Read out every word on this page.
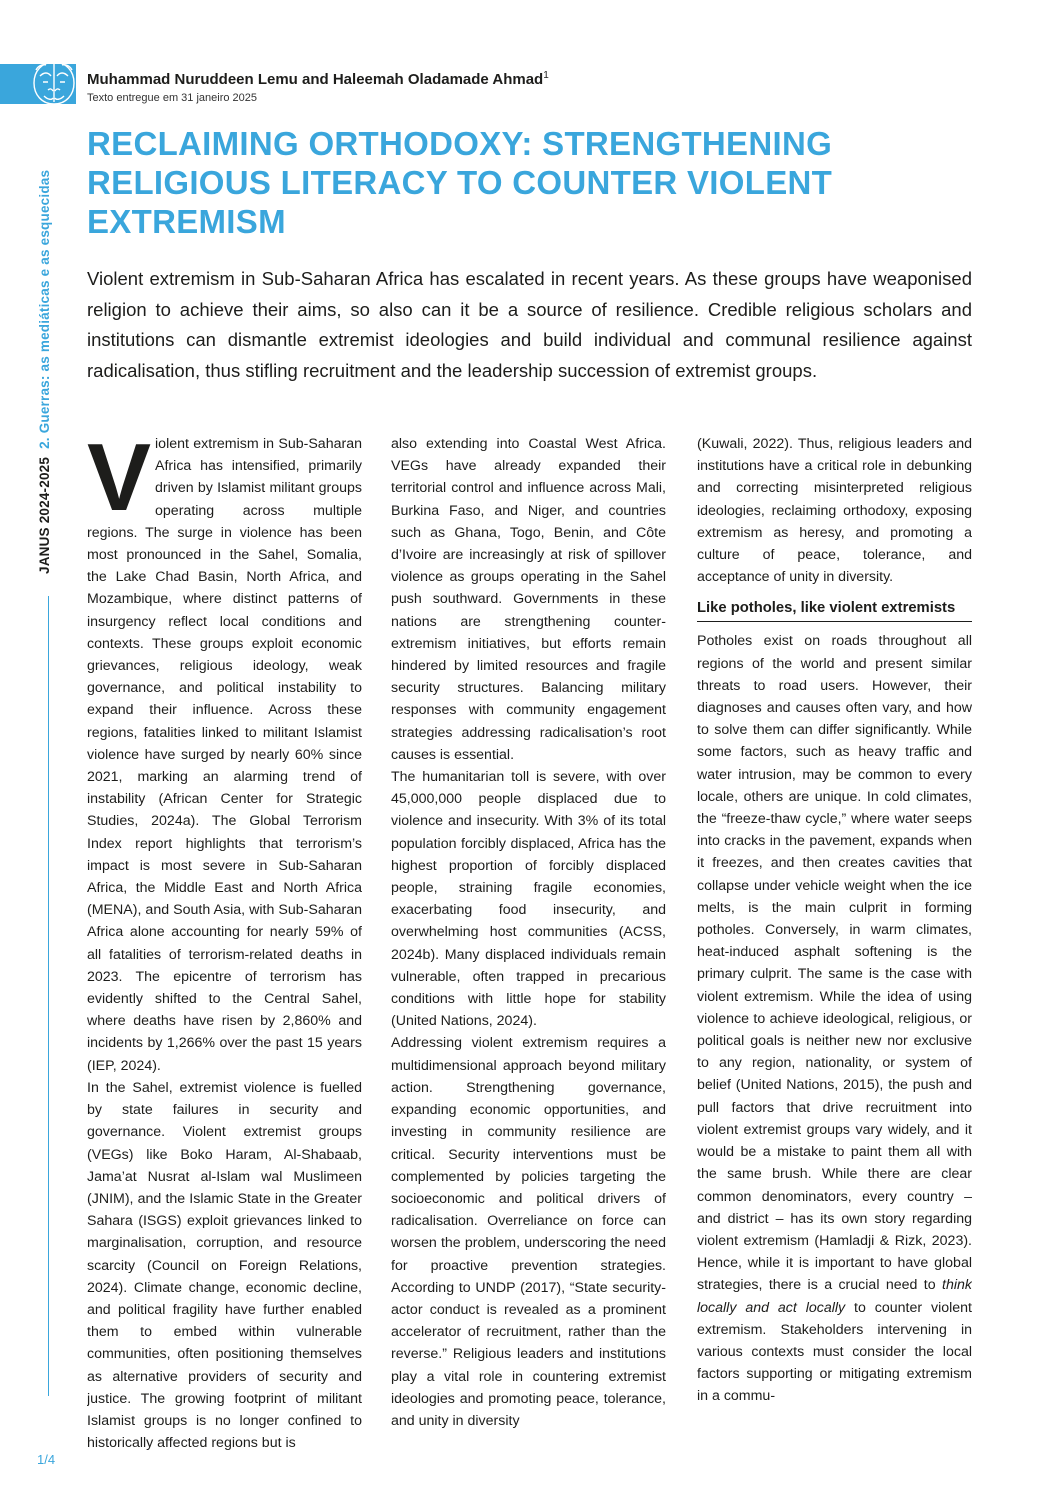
JANUS 2024-20252. Guerras: as mediáticas e as esquecidas
Muhammad Nuruddeen Lemu and Haleemah Oladamade Ahmad$^1$
Texto entregue em 31 janeiro 2025
RECLAIMING ORTHODOXY: STRENGTHENING RELIGIOUS LITERACY TO COUNTER VIOLENT EXTREMISM

Violent extremism in Sub-Saharan Africa has escalated in recent years. As these groups have weaponised religion to achieve their aims, so also can it be a source of resilience. Credible religious scholars and institutions can dismantle extremist ideologies and build individual and communal resilience against radicalisation, thus stifling recruitment and the leadership succession of extremist groups.

Violent extremism in Sub-Saharan Africa has intensified, primarily driven by Islamist militant groups operating across multiple regions. The surge in violence has been most pronounced in the Sahel, Somalia, the Lake Chad Basin, North Africa, and Mozambique, where distinct patterns of insurgency reflect local conditions and contexts. These groups exploit economic grievances, religious ideology, weak governance, and political instability to expand their influence. Across these regions, fatalities linked to militant Islamist violence have surged by nearly 60% since 2021, marking an alarming trend of instability (African Center for Strategic Studies, 2024a). The Global Terrorism Index report highlights that terrorism’s impact is most severe in Sub-Saharan Africa, the Middle East and North Africa (MENA), and South Asia, with Sub-Saharan Africa alone accounting for nearly 59% of all fatalities of terrorism-related deaths in 2023. The epicentre of terrorism has evidently shifted to the Central Sahel, where deaths have risen by 2,860% and incidents by 1,266% over the past 15 years (IEP, 2024).

In the Sahel, extremist violence is fuelled by state failures in security and governance. Violent extremist groups (VEGs) like Boko Haram, Al-Shabaab, Jama’at Nusrat al-Islam wal Muslimeen (JNIM), and the Islamic State in the Greater Sahara (ISGS) exploit grievances linked to marginalisation, corruption, and resource scarcity (Council on Foreign Relations, 2024). Climate change, economic decline, and political fragility have further enabled them to embed within vulnerable communities, often positioning themselves as alternative providers of security and justice. The growing footprint of militant Islamist groups is no longer confined to historically affected regions but is

also extending into Coastal West Africa. VEGs have already expanded their territorial control and influence across Mali, Burkina Faso, and Niger, and countries such as Ghana, Togo, Benin, and Côte d’Ivoire are increasingly at risk of spillover violence as groups operating in the Sahel push southward. Governments in these nations are strengthening counter-extremism initiatives, but efforts remain hindered by limited resources and fragile security structures. Balancing military responses with community engagement strategies addressing radicalisation’s root causes is essential.

The humanitarian toll is severe, with over 45,000,000 people displaced due to violence and insecurity. With 3% of its total population forcibly displaced, Africa has the highest proportion of forcibly displaced people, straining fragile economies, exacerbating food insecurity, and overwhelming host communities (ACSS, 2024b). Many displaced individuals remain vulnerable, often trapped in precarious conditions with little hope for stability (United Nations, 2024).

Addressing violent extremism requires a multidimensional approach beyond military action. Strengthening governance, expanding economic opportunities, and investing in community resilience are critical. Security interventions must be complemented by policies targeting the socioeconomic and political drivers of radicalisation. Overreliance on force can worsen the problem, underscoring the need for proactive prevention strategies. According to UNDP (2017), “State security-actor conduct is revealed as a prominent accelerator of recruitment, rather than the reverse.” Religious leaders and institutions play a vital role in countering extremist ideologies and promoting peace, tolerance, and unity in diversity

(Kuwali, 2022). Thus, religious leaders and institutions have a critical role in debunking and correcting misinterpreted religious ideologies, reclaiming orthodoxy, exposing extremism as heresy, and promoting a culture of peace, tolerance, and acceptance of unity in diversity.

Like potholes, like violent extremists

Potholes exist on roads throughout all regions of the world and present similar threats to road users. However, their diagnoses and causes often vary, and how to solve them can differ significantly. While some factors, such as heavy traffic and water intrusion, may be common to every locale, others are unique. In cold climates, the “freeze-thaw cycle,” where water seeps into cracks in the pavement, expands when it freezes, and then creates cavities that collapse under vehicle weight when the ice melts, is the main culprit in forming potholes. Conversely, in warm climates, heat-induced asphalt softening is the primary culprit. The same is the case with violent extremism. While the idea of using violence to achieve ideological, religious, or political goals is neither new nor exclusive to any region, nationality, or system of belief (United Nations, 2015), the push and pull factors that drive recruitment into violent extremist groups vary widely, and it would be a mistake to paint them all with the same brush. While there are clear common denominators, every country – and district – has its own story regarding violent extremism (Hamladji & Rizk, 2023). Hence, while it is important to have global strategies, there is a crucial need to think locally and act locally to counter violent extremism. Stakeholders intervening in various contexts must consider the local factors supporting or mitigating extremism in a commu-

1/4
